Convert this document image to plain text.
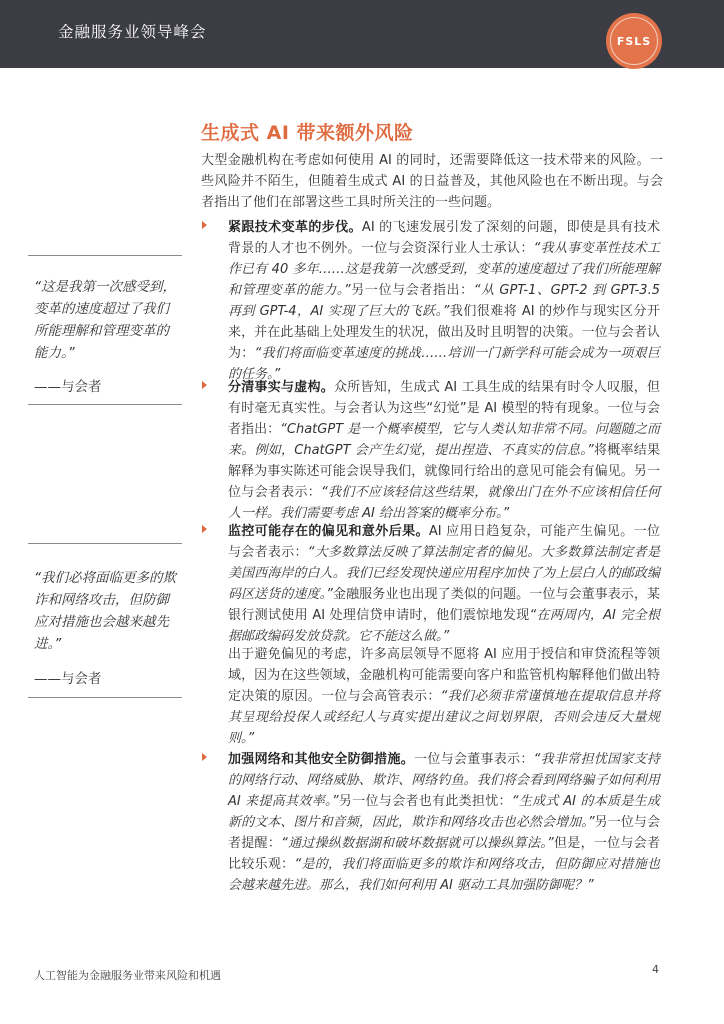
金融服务业领导峰会	FSLS
生成式 AI 带来额外风险

大型金融机构在考虑如何使用 AI 的同时，还需要降低这一技术带来的风险。一些风险并不陌生，但随着生成式 AI 的日益普及，其他风险也在不断出现。与会者指出了他们在部署这些工具时所关注的一些问题。

紧跟技术变革的步伐。AI 的飞速发展引发了深刻的问题，即使是具有技术背景的人才也不例外。一位与会资深行业人士承认：“我从事变革性技术工作已有 40 多年……这是我第一次感受到，变革的速度超过了我们所能理解和管理变革的能力。”另一位与会者指出：“从 GPT-1、GPT-2 到 GPT-3.5 再到 GPT-4，AI 实现了巨大的飞跃。”我们很难将 AI 的炒作与现实区分开来，并在此基础上处理发生的状况，做出及时且明智的决策。一位与会者认为：“我们将面临变革速度的挑战……培训一门新学科可能会成为一项艰巨的任务。”

分清事实与虚构。众所皆知，生成式 AI 工具生成的结果有时令人叹服，但有时毫无真实性。与会者认为这些“幻觉”是 AI 模型的特有现象。一位与会者指出：“ChatGPT 是一个概率模型，它与人类认知非常不同。问题随之而来。例如，ChatGPT 会产生幻觉，提出捏造、不真实的信息。”将概率结果解释为事实陈述可能会误导我们，就像同行给出的意见可能会有偏见。另一位与会者表示：“我们不应该轻信这些结果，就像出门在外不应该相信任何人一样。我们需要考虑 AI 给出答案的概率分布。”

监控可能存在的偏见和意外后果。AI 应用日趋复杂，可能产生偏见。一位与会者表示：“大多数算法反映了算法制定者的偏见。大多数算法制定者是美国西海岸的白人。我们已经发现快递应用程序加快了为上层白人的邮政编码区送货的速度。”金融服务业也出现了类似的问题。一位与会董事表示，某银行测试使用 AI 处理信贷申请时，他们震惊地发现“在两周内，AI 完全根据邮政编码发放贷款。它不能这么做。”

出于避免偏见的考虑，许多高层领导不愿将 AI 应用于授信和审贷流程等领域，因为在这些领域，金融机构可能需要向客户和监管机构解释他们做出特定决策的原因。一位与会高管表示：“我们必须非常谨慎地在提取信息并将其呈现给投保人或经纪人与真实提出建议之间划界限，否则会违反大量规则。”

加强网络和其他安全防御措施。一位与会董事表示：“我非常担忧国家支持的网络行动、网络威胁、欺诈、网络钓鱼。我们将会看到网络骗子如何利用 AI 来提高其效率。”另一位与会者也有此类担忧：“生成式 AI 的本质是生成新的文本、图片和音频，因此，欺诈和网络攻击也必然会增加。”另一位与会者提醒：“通过操纵数据湖和破坏数据就可以操纵算法。”但是，一位与会者比较乐观：“是的，我们将面临更多的欺诈和网络攻击，但防御应对措施也会越来越先进。那么，我们如何利用 AI 驱动工具加强防御呢？”

“这是我第一次感受到，变革的速度超过了我们所能理解和管理变革的能力。”

——与会者

“我们必将面临更多的欺诈和网络攻击，但防御应对措施也会越来越先进。”

——与会者
人工智能为金融服务业带来风险和机遇	4
